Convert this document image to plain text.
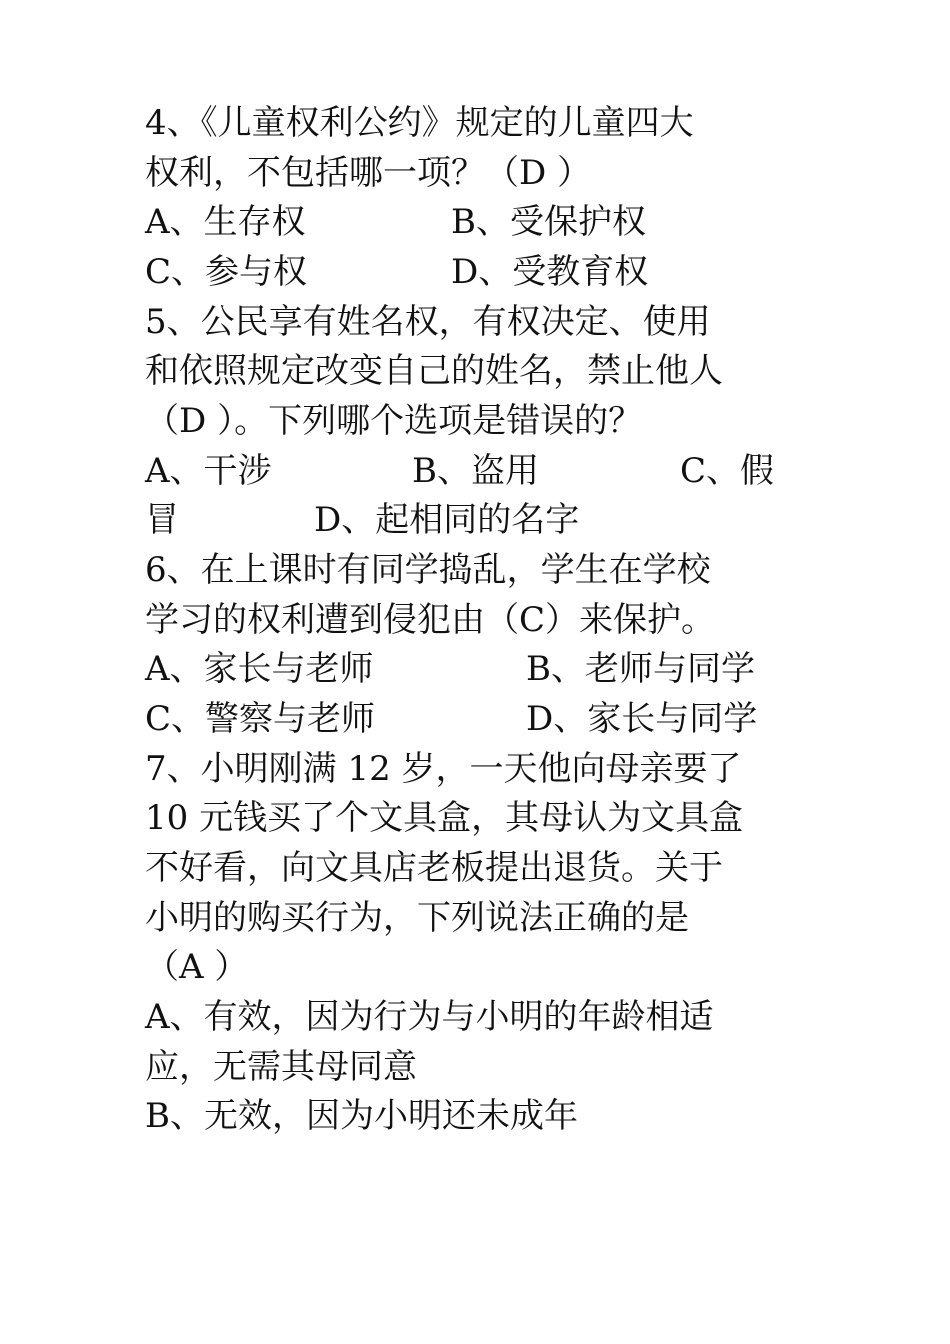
4、《儿童权利公约》规定的儿童四大
权利，不包括哪一项？（D ）
A、生存权	B、受保护权
C、参与权	D、受教育权
5、公民享有姓名权，有权决定、使用
和依照规定改变自己的姓名，禁止他人
（D ）。下列哪个选项是错误的？
A、干涉	B、盗用	C、假
冒	D、起相同的名字
6、在上课时有同学捣乱，学生在学校
学习的权利遭到侵犯由（C）来保护。
A、家长与老师	B、老师与同学
C、警察与老师	D、家长与同学
7、小明刚满 12 岁，一天他向母亲要了
10 元钱买了个文具盒，其母认为文具盒
不好看，向文具店老板提出退货。关于
小明的购买行为，下列说法正确的是
（A ）
A、有效，因为行为与小明的年龄相适
应，无需其母同意
B、无效，因为小明还未成年
